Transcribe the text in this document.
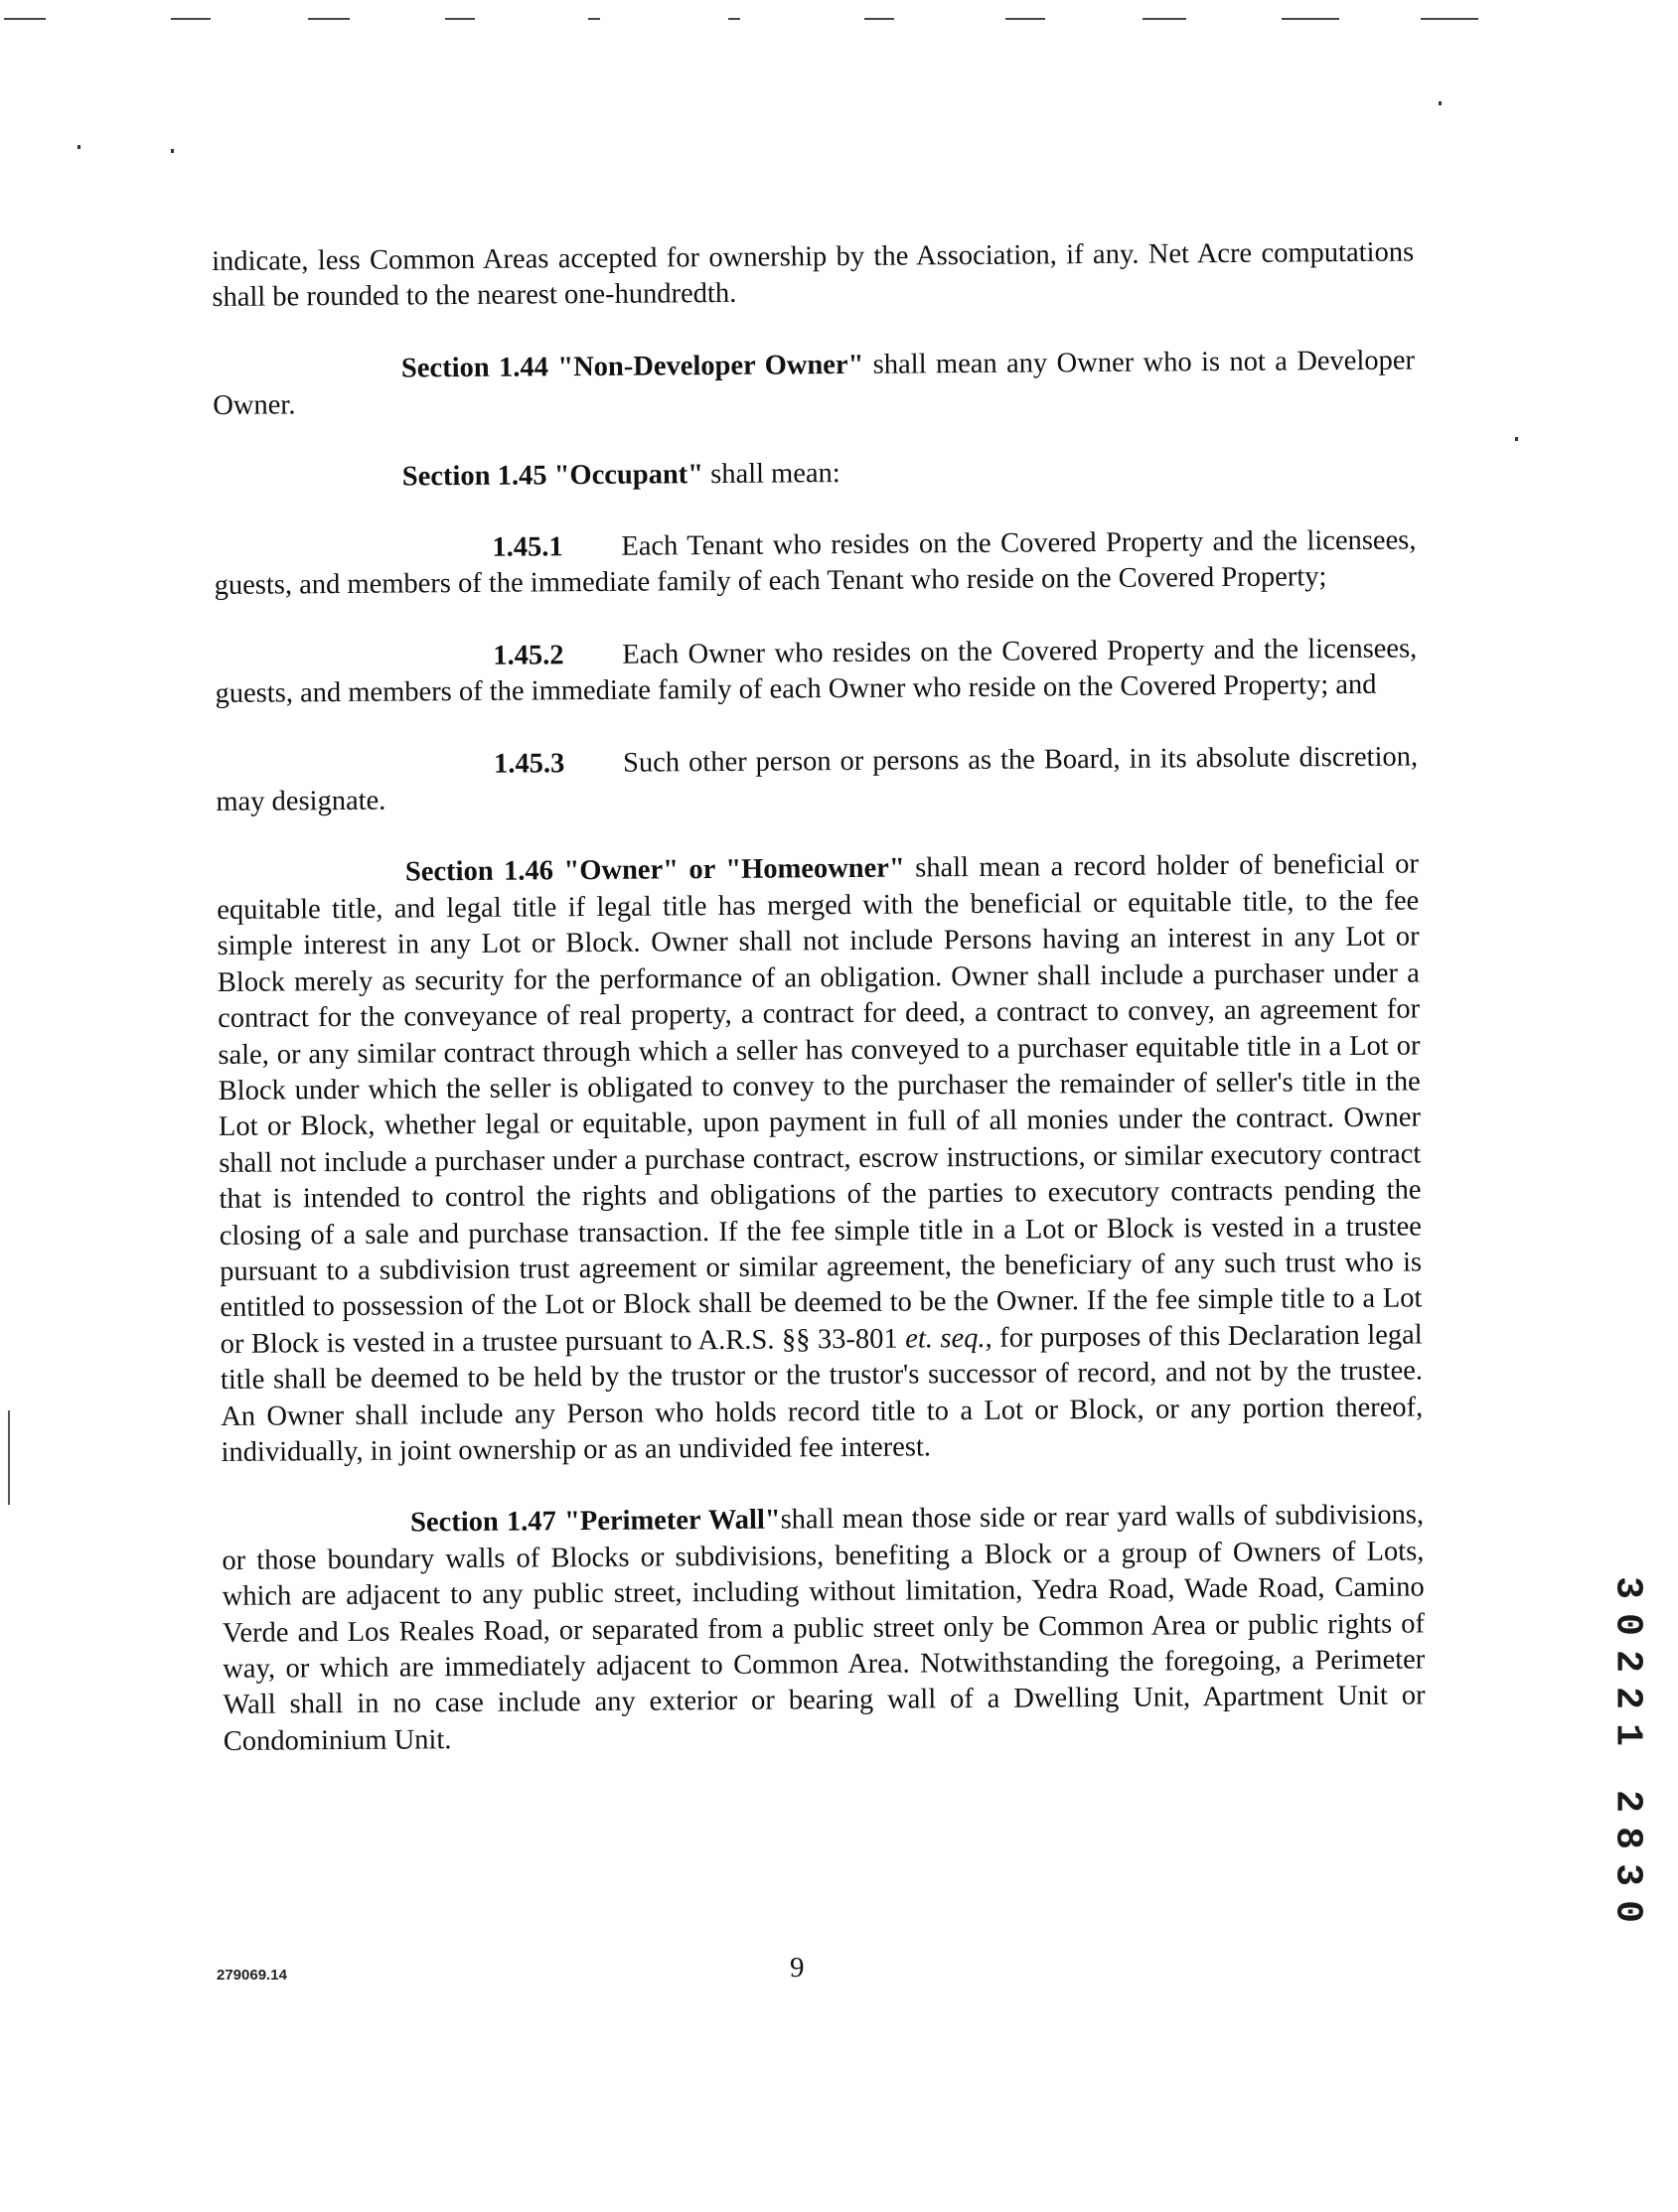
indicate, less Common Areas accepted for ownership by the Association, if any. Net Acre computations shall be rounded to the nearest one-hundredth.

Section 1.44 "Non-Developer Owner" shall mean any Owner who is not a Developer Owner.

Section 1.45 "Occupant" shall mean:

1.45.1 Each Tenant who resides on the Covered Property and the licensees, guests, and members of the immediate family of each Tenant who reside on the Covered Property;

1.45.2 Each Owner who resides on the Covered Property and the licensees, guests, and members of the immediate family of each Owner who reside on the Covered Property; and

1.45.3 Such other person or persons as the Board, in its absolute discretion, may designate.

Section 1.46 "Owner" or "Homeowner" shall mean a record holder of beneficial or equitable title, and legal title if legal title has merged with the beneficial or equitable title, to the fee simple interest in any Lot or Block. Owner shall not include Persons having an interest in any Lot or Block merely as security for the performance of an obligation. Owner shall include a purchaser under a contract for the conveyance of real property, a contract for deed, a contract to convey, an agreement for sale, or any similar contract through which a seller has conveyed to a purchaser equitable title in a Lot or Block under which the seller is obligated to convey to the purchaser the remainder of seller's title in the Lot or Block, whether legal or equitable, upon payment in full of all monies under the contract. Owner shall not include a purchaser under a purchase contract, escrow instructions, or similar executory contract that is intended to control the rights and obligations of the parties to executory contracts pending the closing of a sale and purchase transaction. If the fee simple title in a Lot or Block is vested in a trustee pursuant to a subdivision trust agreement or similar agreement, the beneficiary of any such trust who is entitled to possession of the Lot or Block shall be deemed to be the Owner. If the fee simple title to a Lot or Block is vested in a trustee pursuant to A.R.S. §§ 33-801 et. seq., for purposes of this Declaration legal title shall be deemed to be held by the trustor or the trustor's successor of record, and not by the trustee. An Owner shall include any Person who holds record title to a Lot or Block, or any portion thereof, individually, in joint ownership or as an undivided fee interest.

Section 1.47 "Perimeter Wall"shall mean those side or rear yard walls of subdivisions, or those boundary walls of Blocks or subdivisions, benefiting a Block or a group of Owners of Lots, which are adjacent to any public street, including without limitation, Yedra Road, Wade Road, Camino Verde and Los Reales Road, or separated from a public street only be Common Area or public rights of way, or which are immediately adjacent to Common Area. Notwithstanding the foregoing, a Perimeter Wall shall in no case include any exterior or bearing wall of a Dwelling Unit, Apartment Unit or Condominium Unit.

279069.14	9
3
0
2
2
1
2
8
3
0
